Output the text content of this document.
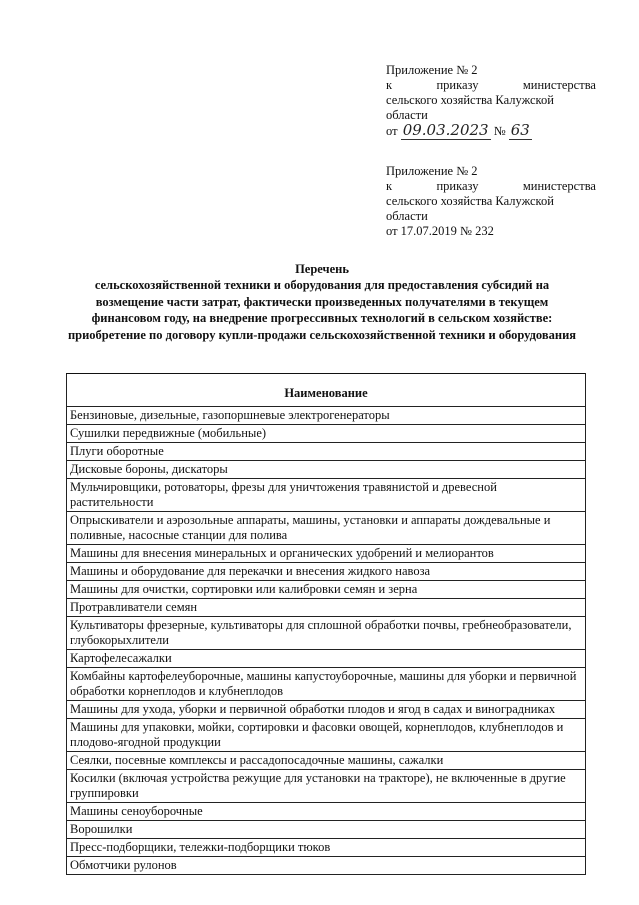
Приложение № 2
к	приказу	министерства
сельского хозяйства Калужской
области
от 09.03.2023 № 63
Приложение № 2
к	приказу	министерства
сельского хозяйства Калужской
области
от 17.07.2019 № 232
Перечень
сельскохозяйственной техники и оборудования для предоставления субсидий на возмещение части затрат, фактически произведенных получателями в текущем финансовом году, на внедрение прогрессивных технологий в сельском хозяйстве: приобретение по договору купли-продажи сельскохозяйственной техники и оборудования
Наименование
Бензиновые, дизельные, газопоршневые электрогенераторы
Сушилки передвижные (мобильные)
Плуги оборотные
Дисковые бороны, дискаторы
Мульчировщики, ротоваторы, фрезы для уничтожения травянистой и древесной растительности
Опрыскиватели и аэрозольные аппараты, машины, установки и аппараты дождевальные и поливные, насосные станции для полива
Машины для внесения минеральных и органических удобрений и мелиорантов
Машины и оборудование для перекачки и внесения жидкого навоза
Машины для очистки, сортировки или калибровки семян и зерна
Протравливатели семян
Культиваторы фрезерные, культиваторы для сплошной обработки почвы, гребнеобразователи, глубокорыхлители
Картофелесажалки
Комбайны картофелеуборочные, машины капустоуборочные, машины для уборки и первичной обработки корнеплодов и клубнеплодов
Машины для ухода, уборки и первичной обработки плодов и ягод в садах и виноградниках
Машины для упаковки, мойки, сортировки и фасовки овощей, корнеплодов, клубнеплодов и плодово-ягодной продукции
Сеялки, посевные комплексы и рассадопосадочные машины, сажалки
Косилки (включая устройства режущие для установки на тракторе), не включенные в другие группировки
Машины сеноуборочные
Ворошилки
Пресс-подборщики, тележки-подборщики тюков
Обмотчики рулонов
